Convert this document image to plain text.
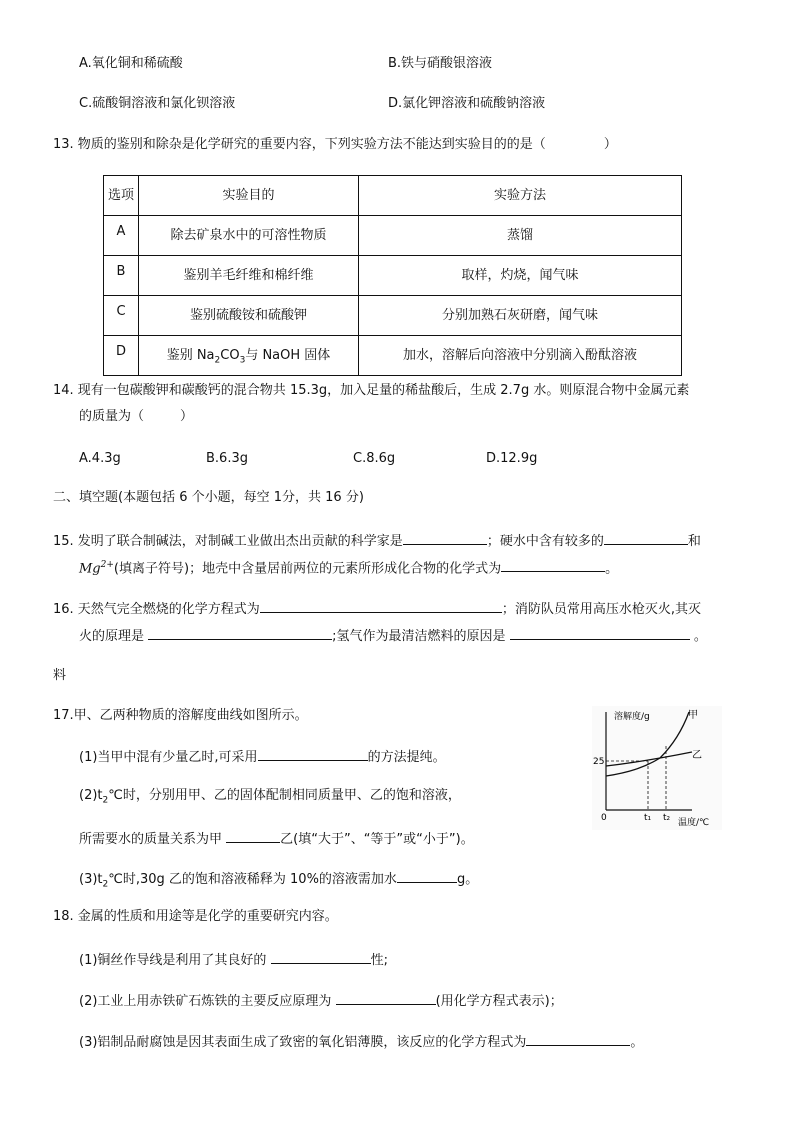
A.氧化铜和稀硫酸	B.铁与硝酸银溶液
C.硫酸铜溶液和氯化钡溶液	D.氯化钾溶液和硫酸钠溶液
13. 物质的鉴别和除杂是化学研究的重要内容，下列实验方法不能达到实验目的的是（	）
选项	实验目的	实验方法
A	除去矿泉水中的可溶性物质	蒸馏
B	鉴别羊毛纤维和棉纤维	取样，灼烧，闻气味
C	鉴别硫酸铵和硫酸钾	分别加熟石灰研磨，闻气味
D	鉴别 $Na_2CO_3$与 NaOH 固体	加水，溶解后向溶液中分别滴入酚酞溶液
14. 现有一包碳酸钾和碳酸钙的混合物共 15.3g，加入足量的稀盐酸后，生成 2.7g 水。则原混合物中金属元素
的质量为（	）
A.4.3g	B.6.3g	C.8.6g	D.12.9g
二、填空题(本题包括 6 个小题，每空 1分，共 16 分)
15. 发明了联合制碱法，对制碱工业做出杰出贡献的科学家是	；硬水中含有较多的	和
$Mg^{2+}$(填离子符号)；地壳中含量居前两位的元素所形成化合物的化学式为	。
16. 天然气完全燃烧的化学方程式为	；消防队员常用高压水枪灭火,其灭
火的原理是	;氢气作为最清洁燃料的原因是	。
料
17.甲、乙两种物质的溶解度曲线如图所示。
(1)当甲中混有少量乙时,可采用	的方法提纯。
$(2)t_2℃$时，分别用甲、乙的固体配制相同质量甲、乙的饱和溶液，
所需要水的质量关系为甲	乙(填“大于”、“等于”或“小于”)。
$(3)t_2℃$时,30g 乙的饱和溶液稀释为 10%的溶液需加水	g。
溶解度/g	甲
乙
25
0	t₁ t₂ 温度/℃
18. 金属的性质和用途等是化学的重要研究内容。
(1)铜丝作导线是利用了其良好的	性;
(2)工业上用赤铁矿石炼铁的主要反应原理为	(用化学方程式表示)；
(3)铝制品耐腐蚀是因其表面生成了致密的氧化铝薄膜，该反应的化学方程式为	。
